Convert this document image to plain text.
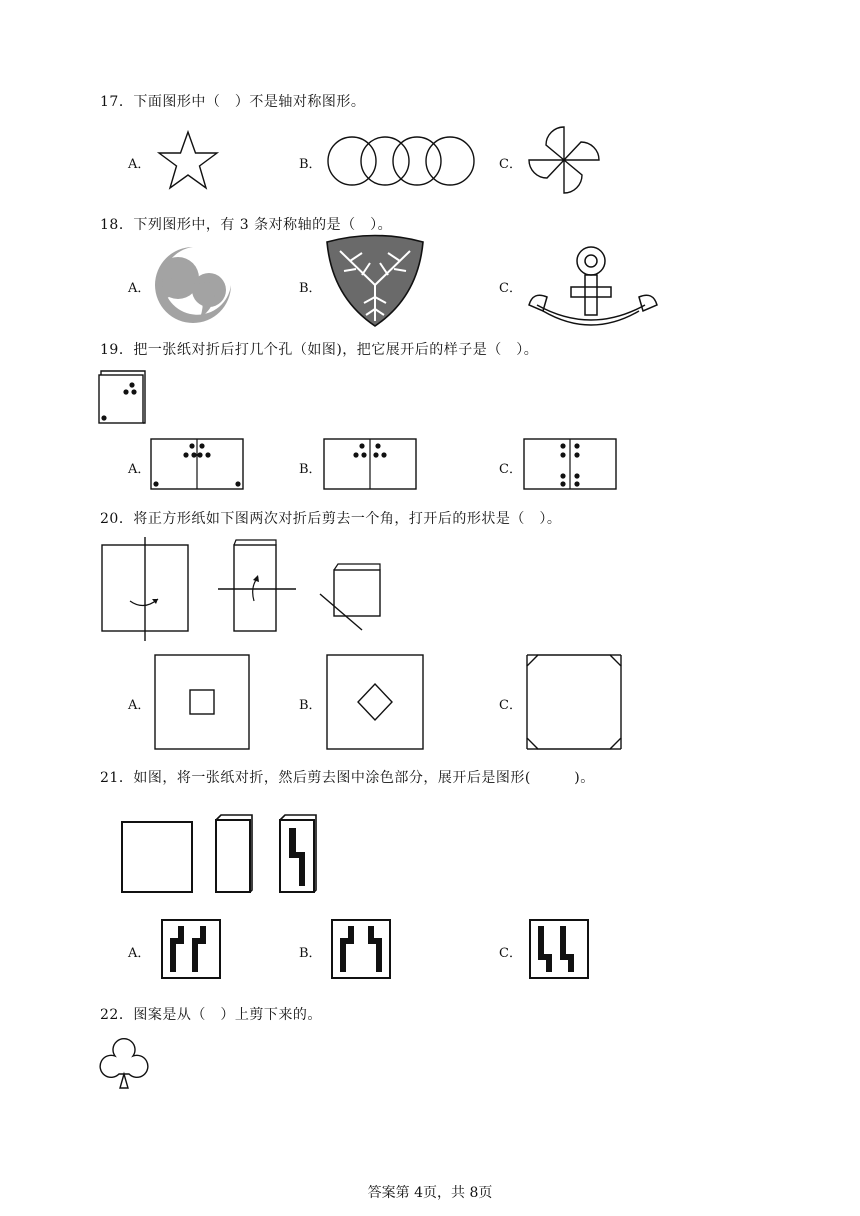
17．下面图形中（　）不是轴对称图形。
A．	B．	C．
18．下列图形中，有 3 条对称轴的是（　）。
A．	B．	C．
19．把一张纸对折后打几个孔（如图)，把它展开后的样子是（　）。
A．	B．	C．
20．将正方形纸如下图两次对折后剪去一个角，打开后的形状是（　）。
A．	B．	C．
21．如图，将一张纸对折，然后剪去图中涂色部分，展开后是图形(　　　)。
A．	B．	C．
22．图案是从（　）上剪下来的。
答案第 4页，共 8页
